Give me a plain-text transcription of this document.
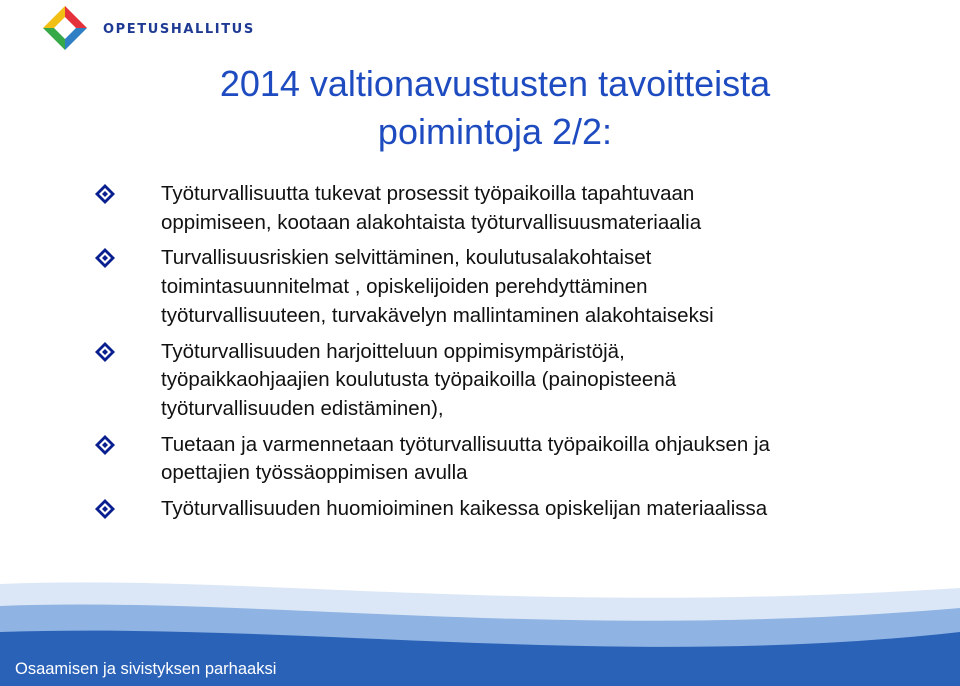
OPETUSHALLITUS
2014 valtionavustusten tavoitteista
poimintoja 2/2:
Työturvallisuutta tukevat prosessit työpaikoilla tapahtuvaan
oppimiseen, kootaan alakohtaista työturvallisuusmateriaalia
Turvallisuusriskien selvittäminen, koulutusalakohtaiset
toimintasuunnitelmat , opiskelijoiden perehdyttäminen
työturvallisuuteen, turvakävelyn mallintaminen alakohtaiseksi
Työturvallisuuden harjoitteluun oppimisympäristöjä,
työpaikkaohjaajien koulutusta työpaikoilla (painopisteenä
työturvallisuuden edistäminen),
Tuetaan ja varmennetaan työturvallisuutta työpaikoilla ohjauksen ja
opettajien työssäoppimisen avulla
Työturvallisuuden huomioiminen kaikessa opiskelijan materiaalissa
Osaamisen ja sivistyksen parhaaksi
